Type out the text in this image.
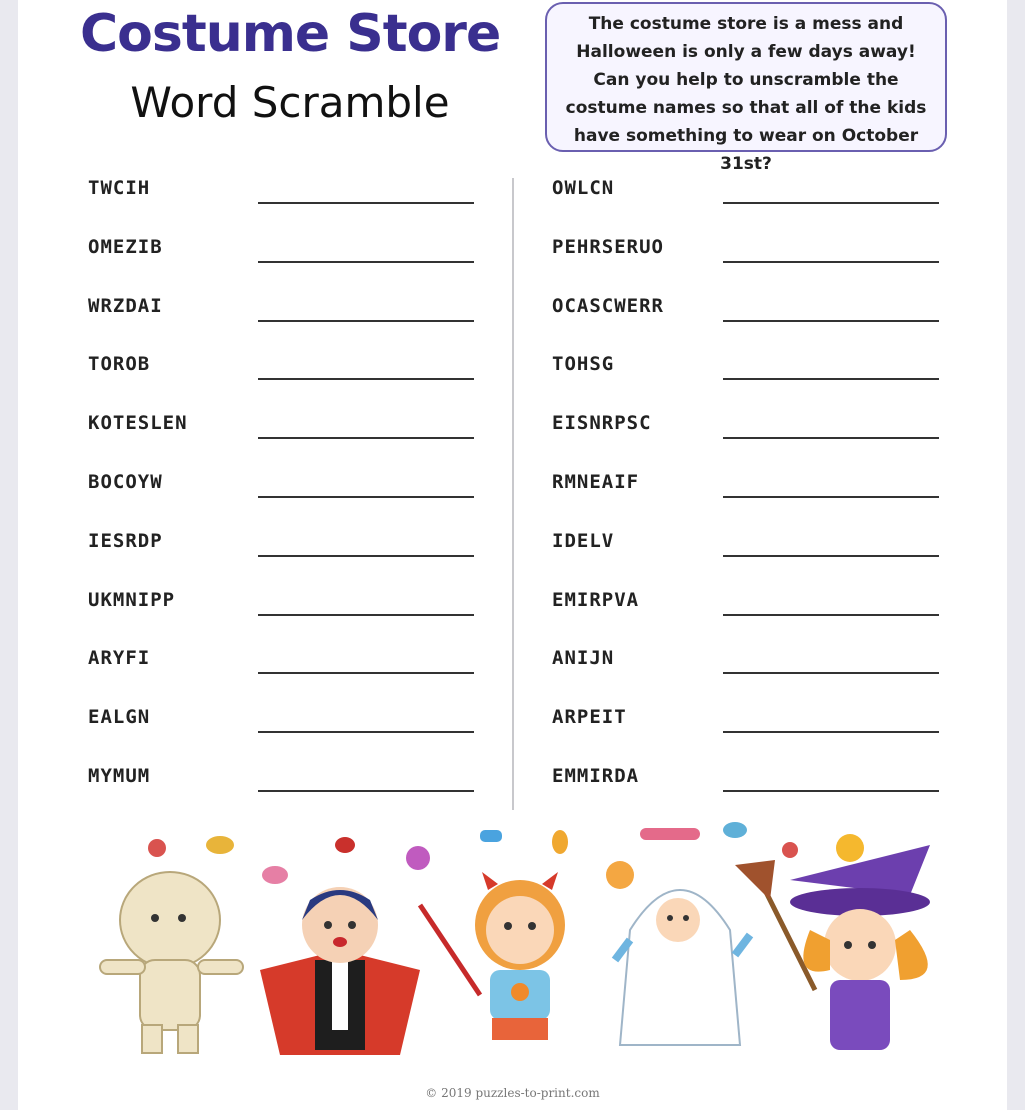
Costume Store
Word Scramble
The costume store is a mess and Halloween is only a few days away! Can you help to unscramble the costume names so that all of the kids have something to wear on October 31st?
TWCIH
OMEZIB
WRZDAI
TOROB
KOTESLEN
BOCOYW
IESRDP
UKMNIPP
ARYFI
EALGN
MYMUM
OWLCN
PEHRSERUO
OCASCWERR
TOHSG
EISNRPSC
RMNEAIF
IDELV
EMIRPVA
ANIJN
ARPEIT
EMMIRDA
© 2019 puzzles-to-print.com
